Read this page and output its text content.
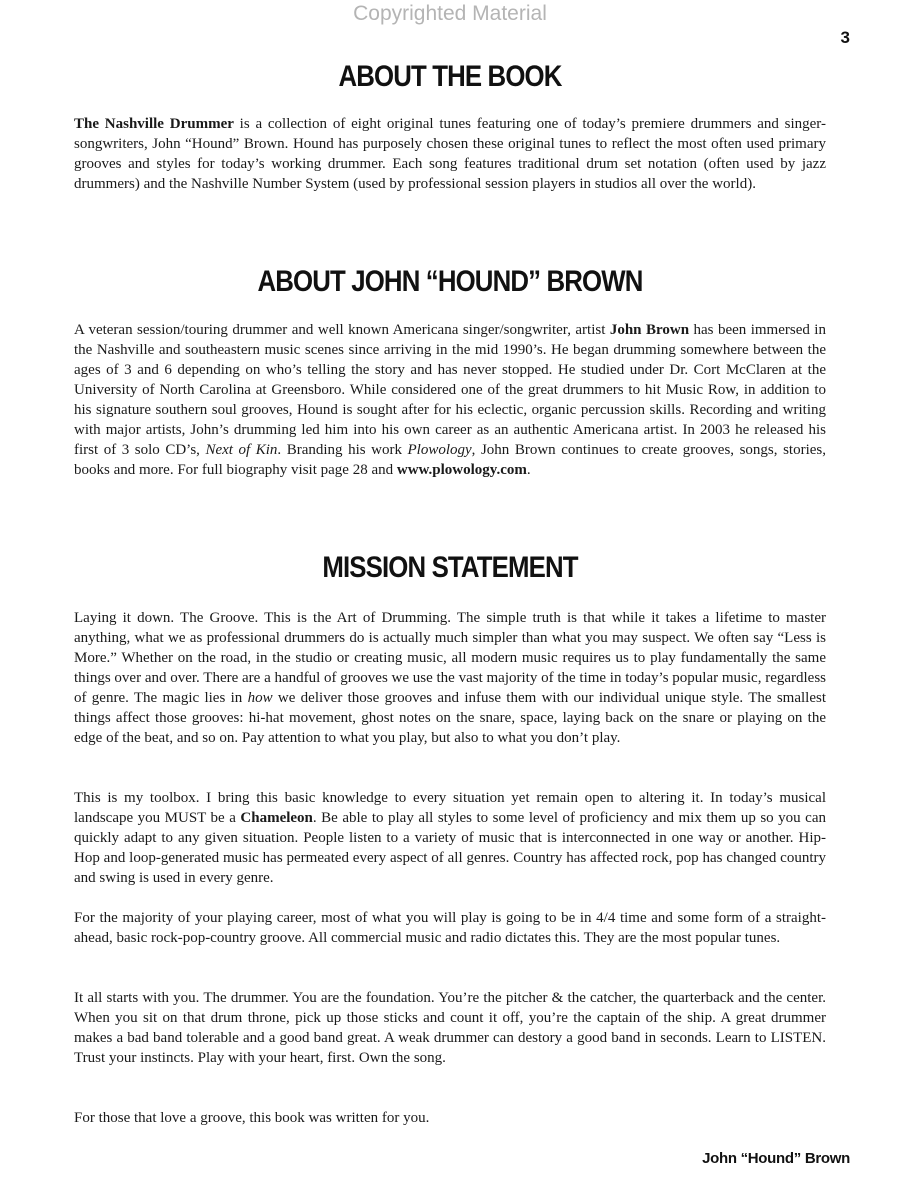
Copyrighted Material
3
ABOUT THE BOOK

The Nashville Drummer is a collection of eight original tunes featuring one of today’s premiere drummers and singer-songwriters, John “Hound” Brown. Hound has purposely chosen these original tunes to reflect the most often used primary grooves and styles for today’s working drummer. Each song features traditional drum set notation (often used by jazz drummers) and the Nashville Number System (used by professional session players in studios all over the world).

ABOUT JOHN “HOUND” BROWN

A veteran session/touring drummer and well known Americana singer/songwriter, artist John Brown has been immersed in the Nashville and southeastern music scenes since arriving in the mid 1990’s. He began drumming somewhere between the ages of 3 and 6 depending on who’s telling the story and has never stopped. He studied under Dr. Cort McClaren at the University of North Carolina at Greensboro. While considered one of the great drummers to hit Music Row, in addition to his signature southern soul grooves, Hound is sought after for his eclectic, organic percussion skills. Recording and writing with major artists, John’s drumming led him into his own career as an authentic Americana artist. In 2003 he released his first of 3 solo CD’s, Next of Kin. Branding his work Plowology, John Brown continues to create grooves, songs, stories, books and more. For full biography visit page 28 and www.plowology.com.

MISSION STATEMENT

Laying it down. The Groove. This is the Art of Drumming. The simple truth is that while it takes a lifetime to master anything, what we as professional drummers do is actually much simpler than what you may suspect. We often say “Less is More.” Whether on the road, in the studio or creating music, all modern music requires us to play fundamentally the same things over and over. There are a handful of grooves we use the vast majority of the time in today’s popular music, regardless of genre. The magic lies in how we deliver those grooves and infuse them with our individual unique style. The smallest things affect those grooves: hi-hat movement, ghost notes on the snare, space, laying back on the snare or playing on the edge of the beat, and so on. Pay attention to what you play, but also to what you don’t play.

This is my toolbox. I bring this basic knowledge to every situation yet remain open to altering it. In today’s musical landscape you MUST be a Chameleon. Be able to play all styles to some level of proficiency and mix them up so you can quickly adapt to any given situation. People listen to a variety of music that is interconnected in one way or another. Hip-Hop and loop-generated music has permeated every aspect of all genres. Country has affected rock, pop has changed country and swing is used in every genre.

For the majority of your playing career, most of what you will play is going to be in 4/4 time and some form of a straight-ahead, basic rock-pop-country groove. All commercial music and radio dictates this. They are the most popular tunes.

It all starts with you. The drummer. You are the foundation. You’re the pitcher & the catcher, the quarterback and the center. When you sit on that drum throne, pick up those sticks and count it off, you’re the captain of the ship. A great drummer makes a bad band tolerable and a good band great. A weak drummer can destory a good band in seconds. Learn to LISTEN. Trust your instincts. Play with your heart, first. Own the song.

For those that love a groove, this book was written for you.

John “Hound” Brown
